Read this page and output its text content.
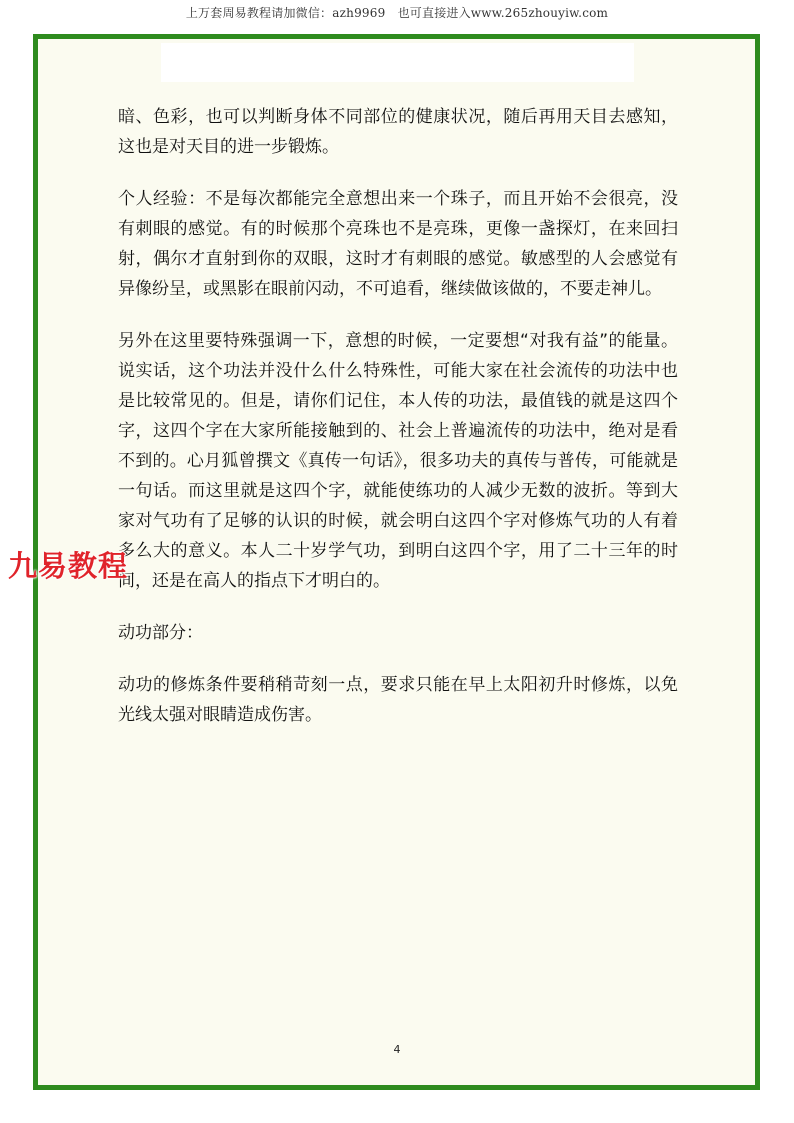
上万套周易教程请加微信：azh9969　也可直接进入www.265zhouyiw.com

暗、色彩，也可以判断身体不同部位的健康状况，随后再用天目去感知，这也是对天目的进一步锻炼。

个人经验：不是每次都能完全意想出来一个珠子，而且开始不会很亮，没有刺眼的感觉。有的时候那个亮珠也不是亮珠，更像一盏探灯，在来回扫射，偶尔才直射到你的双眼，这时才有刺眼的感觉。敏感型的人会感觉有异像纷呈，或黑影在眼前闪动，不可追看，继续做该做的，不要走神儿。

另外在这里要特殊强调一下，意想的时候，一定要想“对我有益”的能量。说实话，这个功法并没什么什么特殊性，可能大家在社会流传的功法中也是比较常见的。但是，请你们记住，本人传的功法，最值钱的就是这四个字，这四个字在大家所能接触到的、社会上普遍流传的功法中，绝对是看不到的。心月狐曾撰文《真传一句话》，很多功夫的真传与普传，可能就是一句话。而这里就是这四个字，就能使练功的人减少无数的波折。等到大家对气功有了足够的认识的时候，就会明白这四个字对修炼气功的人有着多么大的意义。本人二十岁学气功，到明白这四个字，用了二十三年的时间，还是在高人的指点下才明白的。

动功部分：

动功的修炼条件要稍稍苛刻一点，要求只能在早上太阳初升时修炼，以免光线太强对眼睛造成伤害。

九易教程
4
